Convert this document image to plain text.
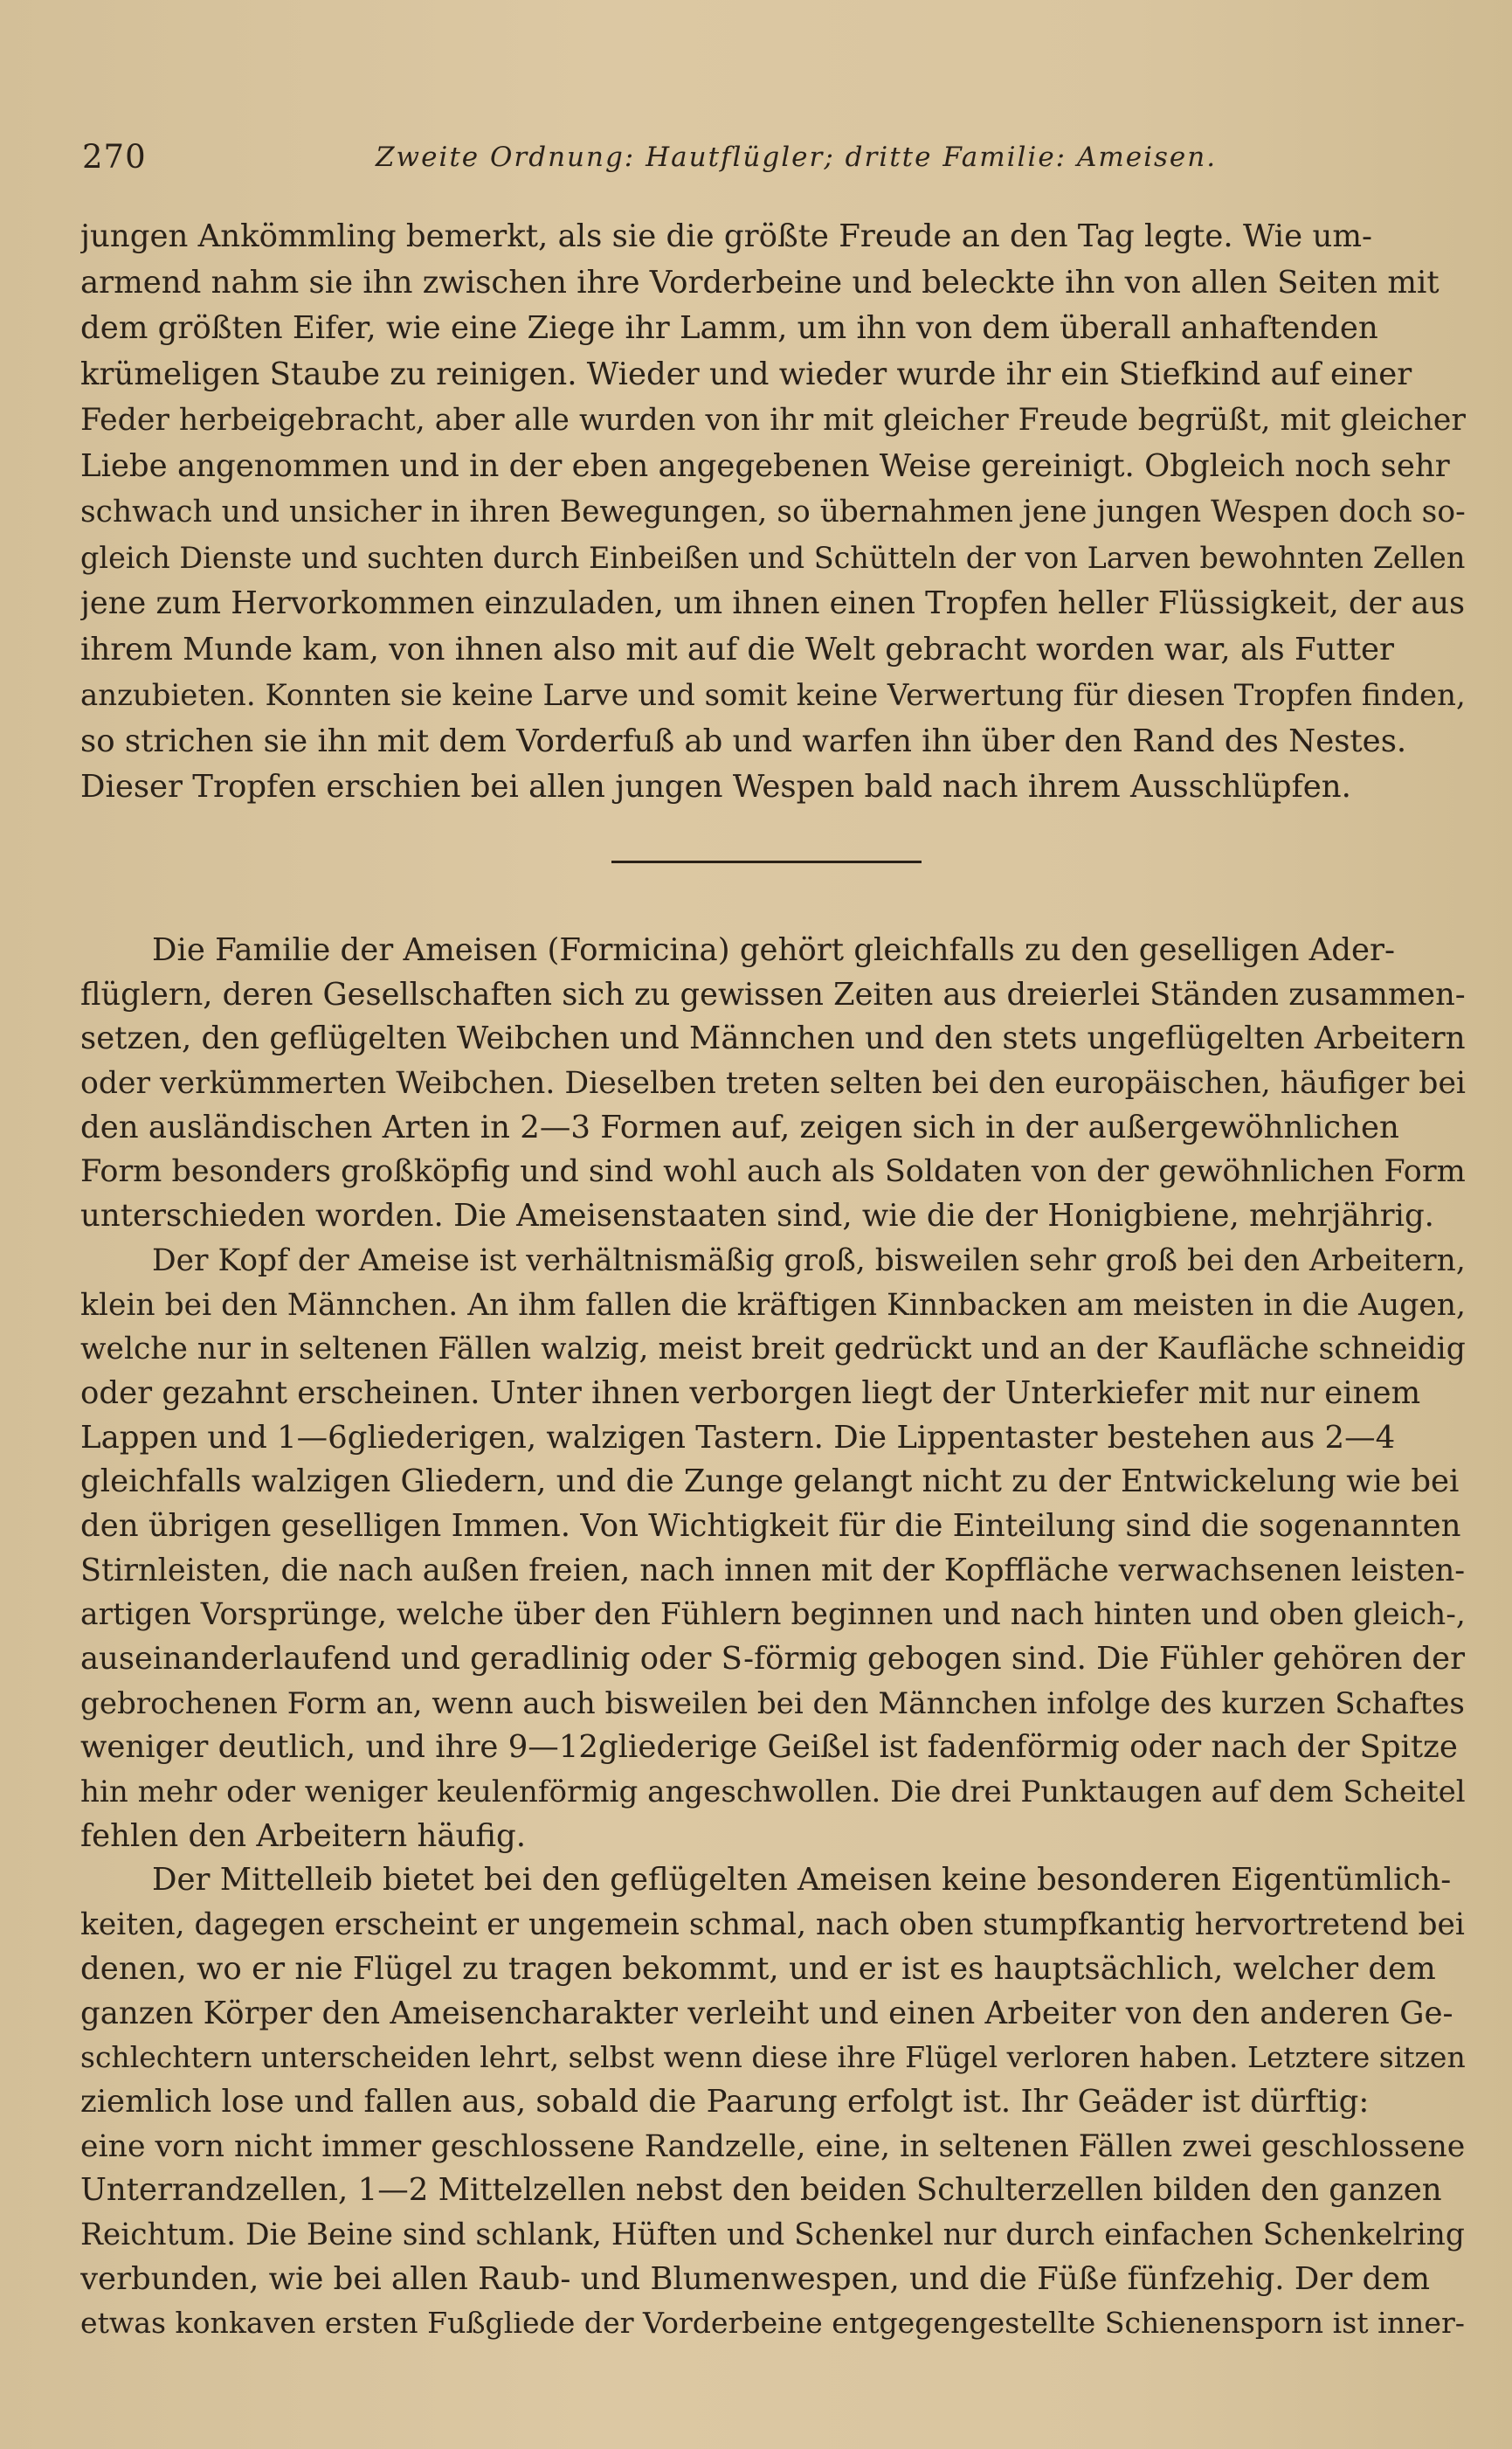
270	Zweite Ordnung: Hautflügler; dritte Familie: Ameisen.
jungen Ankömmling bemerkt, als sie die größte Freude an den Tag legte. Wie um-
armend nahm sie ihn zwischen ihre Vorderbeine und beleckte ihn von allen Seiten mit
dem größten Eifer, wie eine Ziege ihr Lamm, um ihn von dem überall anhaftenden
krümeligen Staube zu reinigen. Wieder und wieder wurde ihr ein Stiefkind auf einer
Feder herbeigebracht, aber alle wurden von ihr mit gleicher Freude begrüßt, mit gleicher
Liebe angenommen und in der eben angegebenen Weise gereinigt. Obgleich noch sehr
schwach und unsicher in ihren Bewegungen, so übernahmen jene jungen Wespen doch so-
gleich Dienste und suchten durch Einbeißen und Schütteln der von Larven bewohnten Zellen
jene zum Hervorkommen einzuladen, um ihnen einen Tropfen heller Flüssigkeit, der aus
ihrem Munde kam, von ihnen also mit auf die Welt gebracht worden war, als Futter
anzubieten. Konnten sie keine Larve und somit keine Verwertung für diesen Tropfen finden,
so strichen sie ihn mit dem Vorderfuß ab und warfen ihn über den Rand des Nestes.
Dieser Tropfen erschien bei allen jungen Wespen bald nach ihrem Ausschlüpfen.
Die Familie der Ameisen (Formicina) gehört gleichfalls zu den geselligen Ader-
flüglern, deren Gesellschaften sich zu gewissen Zeiten aus dreierlei Ständen zusammen-
setzen, den geflügelten Weibchen und Männchen und den stets ungeflügelten Arbeitern
oder verkümmerten Weibchen. Dieselben treten selten bei den europäischen, häufiger bei
den ausländischen Arten in 2—3 Formen auf, zeigen sich in der außergewöhnlichen
Form besonders großköpfig und sind wohl auch als Soldaten von der gewöhnlichen Form
unterschieden worden. Die Ameisenstaaten sind, wie die der Honigbiene, mehrjährig.
Der Kopf der Ameise ist verhältnismäßig groß, bisweilen sehr groß bei den Arbeitern,
klein bei den Männchen. An ihm fallen die kräftigen Kinnbacken am meisten in die Augen,
welche nur in seltenen Fällen walzig, meist breit gedrückt und an der Kaufläche schneidig
oder gezahnt erscheinen. Unter ihnen verborgen liegt der Unterkiefer mit nur einem
Lappen und 1—6gliederigen, walzigen Tastern. Die Lippentaster bestehen aus 2—4
gleichfalls walzigen Gliedern, und die Zunge gelangt nicht zu der Entwickelung wie bei
den übrigen geselligen Immen. Von Wichtigkeit für die Einteilung sind die sogenannten
Stirnleisten, die nach außen freien, nach innen mit der Kopffläche verwachsenen leisten-
artigen Vorsprünge, welche über den Fühlern beginnen und nach hinten und oben gleich-,
auseinanderlaufend und geradlinig oder S-förmig gebogen sind. Die Fühler gehören der
gebrochenen Form an, wenn auch bisweilen bei den Männchen infolge des kurzen Schaftes
weniger deutlich, und ihre 9—12gliederige Geißel ist fadenförmig oder nach der Spitze
hin mehr oder weniger keulenförmig angeschwollen. Die drei Punktaugen auf dem Scheitel
fehlen den Arbeitern häufig.
Der Mittelleib bietet bei den geflügelten Ameisen keine besonderen Eigentümlich-
keiten, dagegen erscheint er ungemein schmal, nach oben stumpfkantig hervortretend bei
denen, wo er nie Flügel zu tragen bekommt, und er ist es hauptsächlich, welcher dem
ganzen Körper den Ameisencharakter verleiht und einen Arbeiter von den anderen Ge-
schlechtern unterscheiden lehrt, selbst wenn diese ihre Flügel verloren haben. Letztere sitzen
ziemlich lose und fallen aus, sobald die Paarung erfolgt ist. Ihr Geäder ist dürftig:
eine vorn nicht immer geschlossene Randzelle, eine, in seltenen Fällen zwei geschlossene
Unterrandzellen, 1—2 Mittelzellen nebst den beiden Schulterzellen bilden den ganzen
Reichtum. Die Beine sind schlank, Hüften und Schenkel nur durch einfachen Schenkelring
verbunden, wie bei allen Raub- und Blumenwespen, und die Füße fünfzehig. Der dem
etwas konkaven ersten Fußgliede der Vorderbeine entgegengestellte Schienensporn ist inner-
